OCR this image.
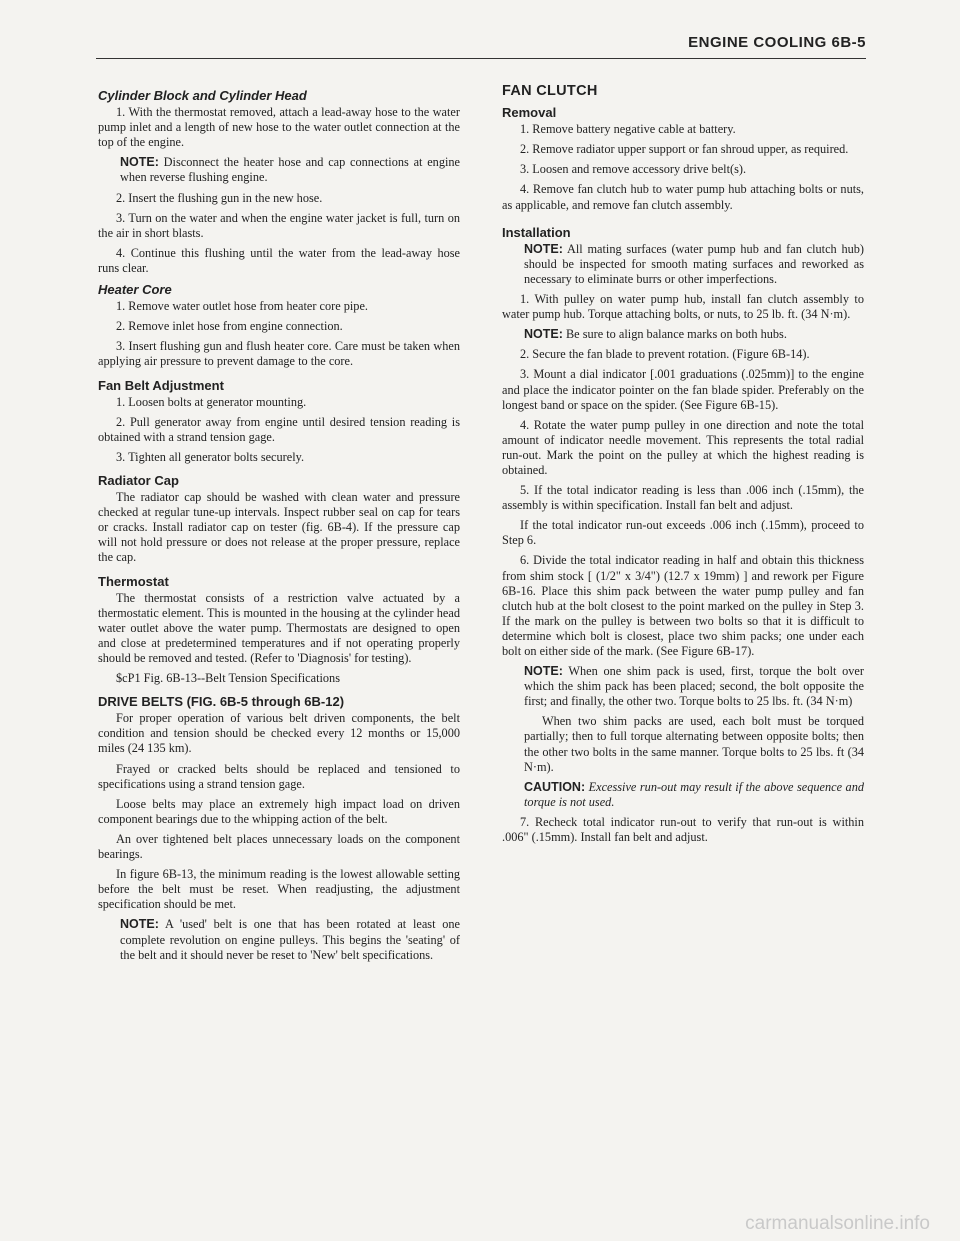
ENGINE COOLING 6B-5
Cylinder Block and Cylinder Head

1. With the thermostat removed, attach a lead-away hose to the water pump inlet and a length of new hose to the water outlet connection at the top of the engine.

NOTE: Disconnect the heater hose and cap connections at engine when reverse flushing engine.

2. Insert the flushing gun in the new hose.

3. Turn on the water and when the engine water jacket is full, turn on the air in short blasts.

4. Continue this flushing until the water from the lead-away hose runs clear.

Heater Core

1. Remove water outlet hose from heater core pipe.

2. Remove inlet hose from engine connection.

3. Insert flushing gun and flush heater core. Care must be taken when applying air pressure to prevent damage to the core.

Fan Belt Adjustment

1. Loosen bolts at generator mounting.

2. Pull generator away from engine until desired tension reading is obtained with a strand tension gage.

3. Tighten all generator bolts securely.

Radiator Cap

The radiator cap should be washed with clean water and pressure checked at regular tune-up intervals. Inspect rubber seal on cap for tears or cracks. Install radiator cap on tester (fig. 6B-4). If the pressure cap will not hold pressure or does not release at the proper pressure, replace the cap.

Thermostat

The thermostat consists of a restriction valve actuated by a thermostatic element. This is mounted in the housing at the cylinder head water outlet above the water pump. Thermostats are designed to open and close at predetermined temperatures and if not operating properly should be removed and tested. (Refer to 'Diagnosis' for testing).

$cP1 Fig. 6B-13--Belt Tension Specifications

DRIVE BELTS (FIG. 6B-5 through 6B-12)

For proper operation of various belt driven components, the belt condition and tension should be checked every 12 months or 15,000 miles (24 135 km).

Frayed or cracked belts should be replaced and tensioned to specifications using a strand tension gage.

Loose belts may place an extremely high impact load on driven component bearings due to the whipping action of the belt.

An over tightened belt places unnecessary loads on the component bearings.

In figure 6B-13, the minimum reading is the lowest allowable setting before the belt must be reset. When readjusting, the adjustment specification should be met.

NOTE: A 'used' belt is one that has been rotated at least one complete revolution on engine pulleys. This begins the 'seating' of the belt and it should never be reset to 'New' belt specifications.

FAN CLUTCH
Removal

1. Remove battery negative cable at battery.

2. Remove radiator upper support or fan shroud upper, as required.

3. Loosen and remove accessory drive belt(s).

4. Remove fan clutch hub to water pump hub attaching bolts or nuts, as applicable, and remove fan clutch assembly.

Installation

NOTE: All mating surfaces (water pump hub and fan clutch hub) should be inspected for smooth mating surfaces and reworked as necessary to eliminate burrs or other imperfections.

1. With pulley on water pump hub, install fan clutch assembly to water pump hub. Torque attaching bolts, or nuts, to 25 lb. ft. (34 N·m).

NOTE: Be sure to align balance marks on both hubs.

2. Secure the fan blade to prevent rotation. (Figure 6B-14).

3. Mount a dial indicator [.001 graduations (.025mm)] to the engine and place the indicator pointer on the fan blade spider. Preferably on the longest band or space on the spider. (See Figure 6B-15).

4. Rotate the water pump pulley in one direction and note the total amount of indicator needle movement. This represents the total radial run-out. Mark the point on the pulley at which the highest reading is obtained.

5. If the total indicator reading is less than .006 inch (.15mm), the assembly is within specification. Install fan belt and adjust.

If the total indicator run-out exceeds .006 inch (.15mm), proceed to Step 6.

6. Divide the total indicator reading in half and obtain this thickness from shim stock [ (1/2" x 3/4") (12.7 x 19mm) ] and rework per Figure 6B-16. Place this shim pack between the water pump pulley and fan clutch hub at the bolt closest to the point marked on the pulley in Step 3. If the mark on the pulley is between two bolts so that it is difficult to determine which bolt is closest, place two shim packs; one under each bolt on either side of the mark. (See Figure 6B-17).

NOTE: When one shim pack is used, first, torque the bolt over which the shim pack has been placed; second, the bolt opposite the first; and finally, the other two. Torque bolts to 25 lbs. ft. (34 N·m)

When two shim packs are used, each bolt must be torqued partially; then to full torque alternating between opposite bolts; then the other two bolts in the same manner. Torque bolts to 25 lbs. ft (34 N·m).

CAUTION: Excessive run-out may result if the above sequence and torque is not used.

7. Recheck total indicator run-out to verify that run-out is within .006" (.15mm). Install fan belt and adjust.

carmanualsonline.info
